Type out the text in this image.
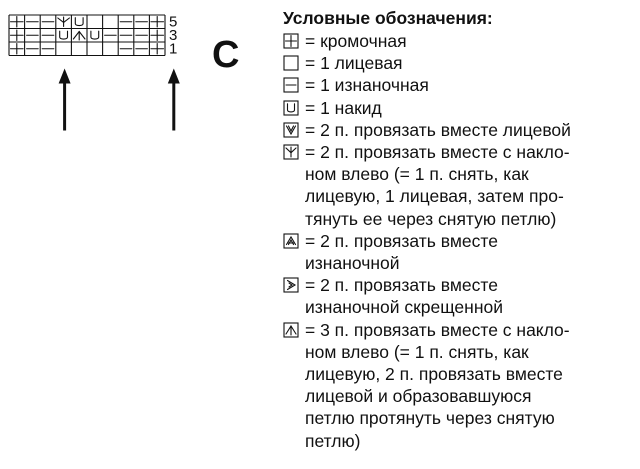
5
3
1 C
Условные обозначения:
= кромочная
= 1 лицевая
= 1 изнаночная
= 1 накид
= 2 п. провязать вместе лицевой
= 2 п. провязать вместе с накло-
ном влево (= 1 п. снять, как
лицевую, 1 лицевая, затем про-
тянуть ее через снятую петлю)
= 2 п. провязать вместе
изнаночной
= 2 п. провязать вместе
изнаночной скрещенной
= 3 п. провязать вместе с накло-
ном влево (= 1 п. снять, как
лицевую, 2 п. провязать вместе
лицевой и образовавшуюся
петлю протянуть через снятую
петлю)
